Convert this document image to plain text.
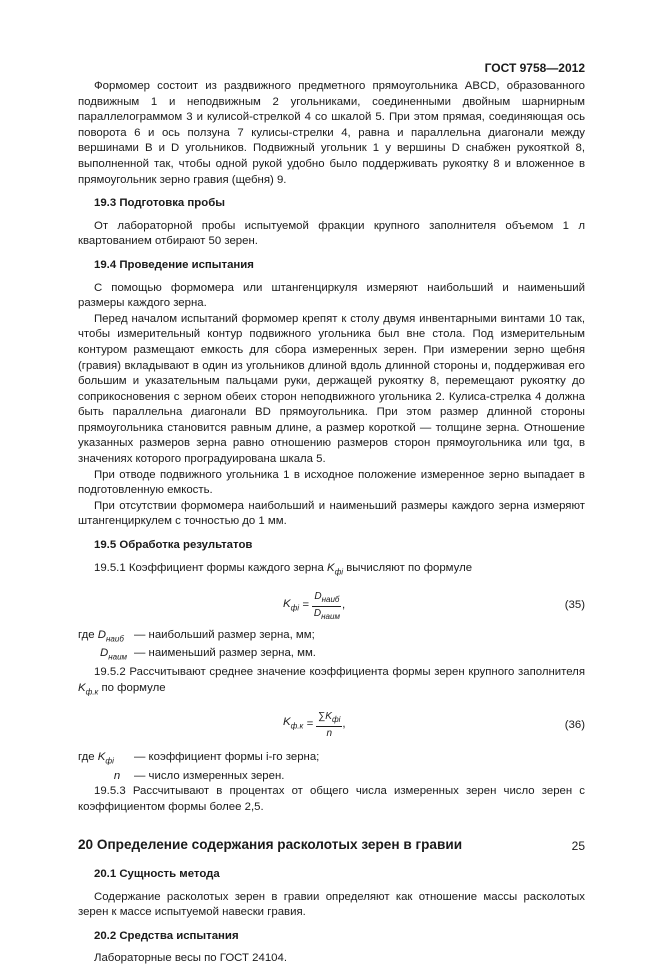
ГОСТ 9758—2012

Формомер состоит из раздвижного предметного прямоугольника ABCD, образованного подвижным 1 и неподвижным 2 угольниками, соединенными двойным шарнирным параллелограммом 3 и кулисой-стрелкой 4 со шкалой 5. При этом прямая, соединяющая ось поворота 6 и ось ползуна 7 кулисы-стрелки 4, равна и параллельна диагонали между вершинами B и D угольников. Подвижный угольник 1 у вершины D снабжен рукояткой 8, выполненной так, чтобы одной рукой удобно было поддерживать рукоятку 8 и вложенное в прямоугольник зерно гравия (щебня) 9.

19.3 Подготовка пробы

От лабораторной пробы испытуемой фракции крупного заполнителя объемом 1 л квартованием отбирают 50 зерен.

19.4 Проведение испытания

С помощью формомера или штангенциркуля измеряют наибольший и наименьший размеры каждого зерна.

Перед началом испытаний формомер крепят к столу двумя инвентарными винтами 10 так, чтобы измерительный контур подвижного угольника был вне стола. Под измерительным контуром размещают емкость для сбора измеренных зерен. При измерении зерно щебня (гравия) вкладывают в один из угольников длиной вдоль длинной стороны и, поддерживая его большим и указательным пальцами руки, держащей рукоятку 8, перемещают рукоятку до соприкосновения с зерном обеих сторон неподвижного угольника 2. Кулиса-стрелка 4 должна быть параллельна диагонали BD прямоугольника. При этом размер длинной стороны прямоугольника становится равным длине, а размер короткой — толщине зерна. Отношение указанных размеров зерна равно отношению размеров сторон прямоугольника или tgα, в значениях которого проградуирована шкала 5.

При отводе подвижного угольника 1 в исходное положение измеренное зерно выпадает в подготовленную емкость.

При отсутствии формомера наибольший и наименьший размеры каждого зерна измеряют штангенциркулем с точностью до 1 мм.

19.5 Обработка результатов

19.5.1 Коэффициент формы каждого зерна $K_{фi}$ вычисляют по формуле

$K_{фi} = \frac{D_{наиб}}{D_{наим}}$ ,	(35)
где $D_{наиб}$ — наибольший размер зерна, мм;
$D_{наим}$ — наименьший размер зерна, мм.

19.5.2 Рассчитывают среднее значение коэффициента формы зерен крупного заполнителя $K_{ф.к}$ по формуле

$K_{ф.к} = \frac{\sum K_{фi}}{n}$ ,	(36)
где $K_{фi}$	— коэффициент формы i-го зерна;
n	— число измеренных зерен.

19.5.3 Рассчитывают в процентах от общего числа измеренных зерен число зерен с коэффициентом формы более 2,5.

20 Определение содержания расколотых зерен в гравии

20.1 Сущность метода

Содержание расколотых зерен в гравии определяют как отношение массы расколотых зерен к массе испытуемой навески гравия.

20.2 Средства испытания

Лабораторные весы по ГОСТ 24104.

25
